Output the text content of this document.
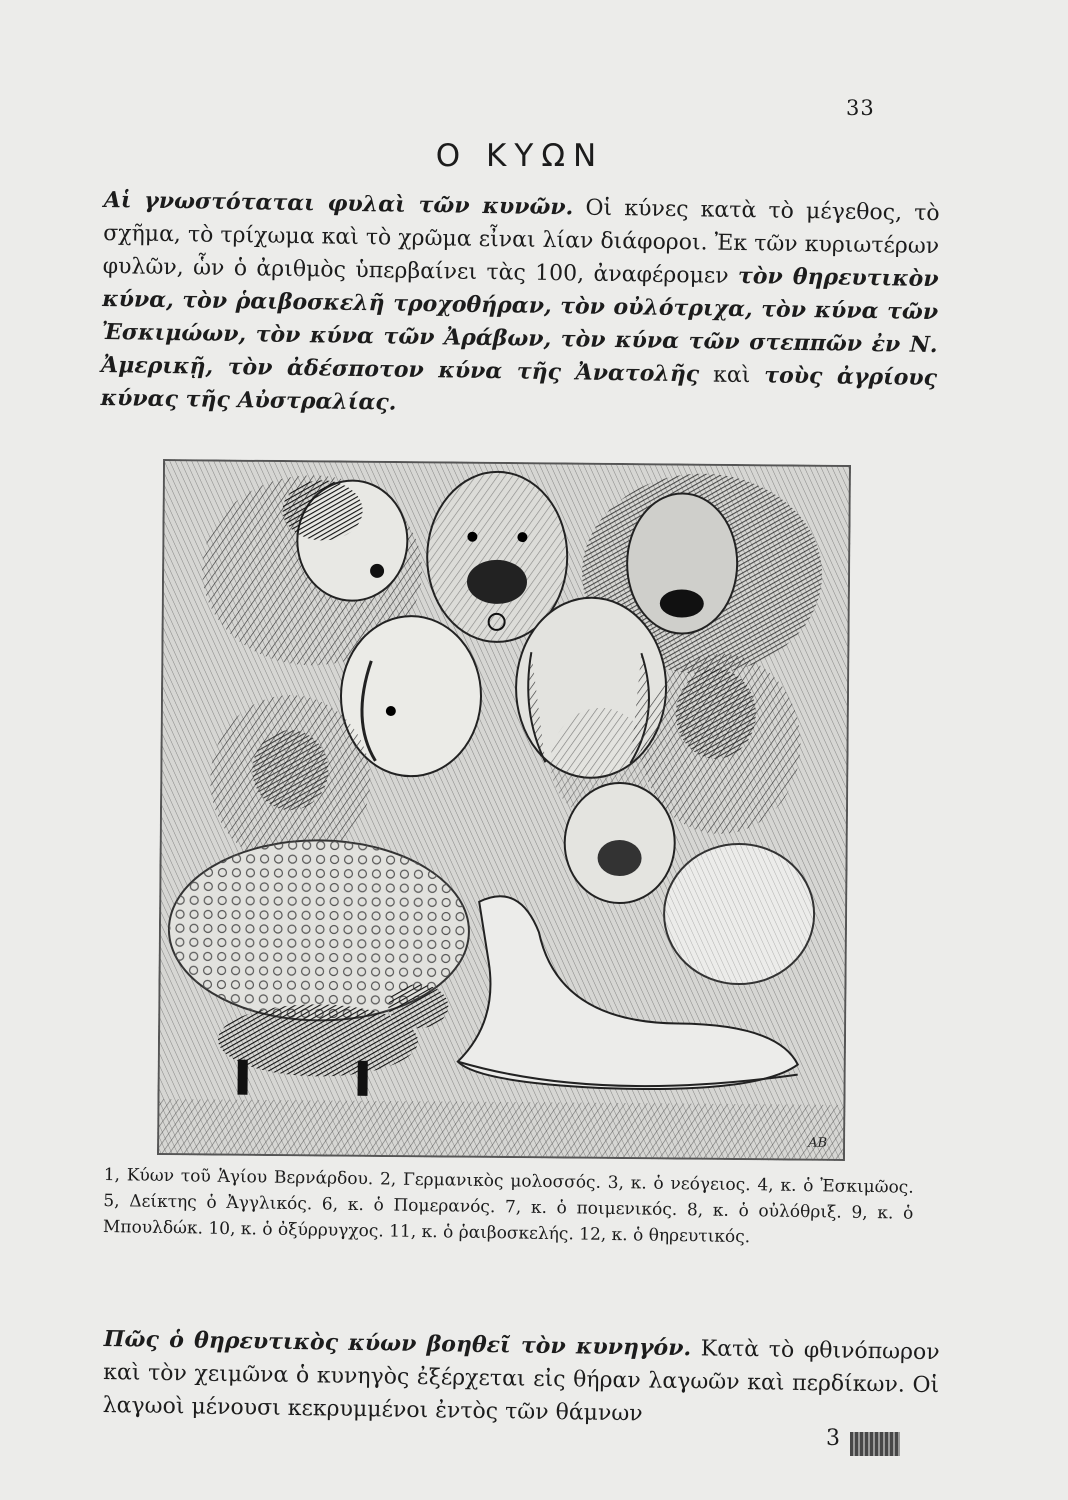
33
Ο ΚΥΩΝ
Αἱ γνωστόταται φυλαὶ τῶν κυνῶν. Οἱ κύνες κατὰ τὸ μέγεθος, τὸ σχῆμα, τὸ τρίχωμα καὶ τὸ χρῶμα εἶναι λίαν διάφοροι. Ἐκ τῶν κυριωτέρων φυλῶν, ὧν ὁ ἀριθμὸς ὑπερβαίνει τὰς 100, ἀναφέρομεν τὸν θηρευτικὸν κύνα, τὸν ῥαιβοσκελῆ τροχοθήραν, τὸν οὐλότριχα, τὸν κύνα τῶν Ἐσκιμώων, τὸν κύνα τῶν Ἀράβων, τὸν κύνα τῶν στεππῶν ἐν Ν. Ἀμερικῇ, τὸν ἀδέσποτον κύνα τῆς Ἀνατολῆς καὶ τοὺς ἀγρίους κύνας τῆς Αὐστραλίας.
AB
1, Κύων τοῦ Ἁγίου Βερνάρδου. 2, Γερμανικὸς μολοσσός. 3, κ. ὁ νεόγειος. 4, κ. ὁ Ἐσκιμῶος. 5, Δείκτης ὁ Ἀγγλικός. 6, κ. ὁ Πομερανός. 7, κ. ὁ ποιμενικός. 8, κ. ὁ οὐλόθριξ. 9, κ. ὁ Μπουλδώκ. 10, κ. ὁ ὀξύρρυγχος. 11, κ. ὁ ῥαιβοσκελής. 12, κ. ὁ θηρευτικός.
Πῶς ὁ θηρευτικὸς κύων βοηθεῖ τὸν κυνηγόν. Κατὰ τὸ φθινόπωρον καὶ τὸν χειμῶνα ὁ κυνηγὸς ἐξέρχεται εἰς θήραν λαγωῶν καὶ περδίκων. Οἱ λαγωοὶ μένουσι κεκρυμμένοι ἐντὸς τῶν θάμνων
3
